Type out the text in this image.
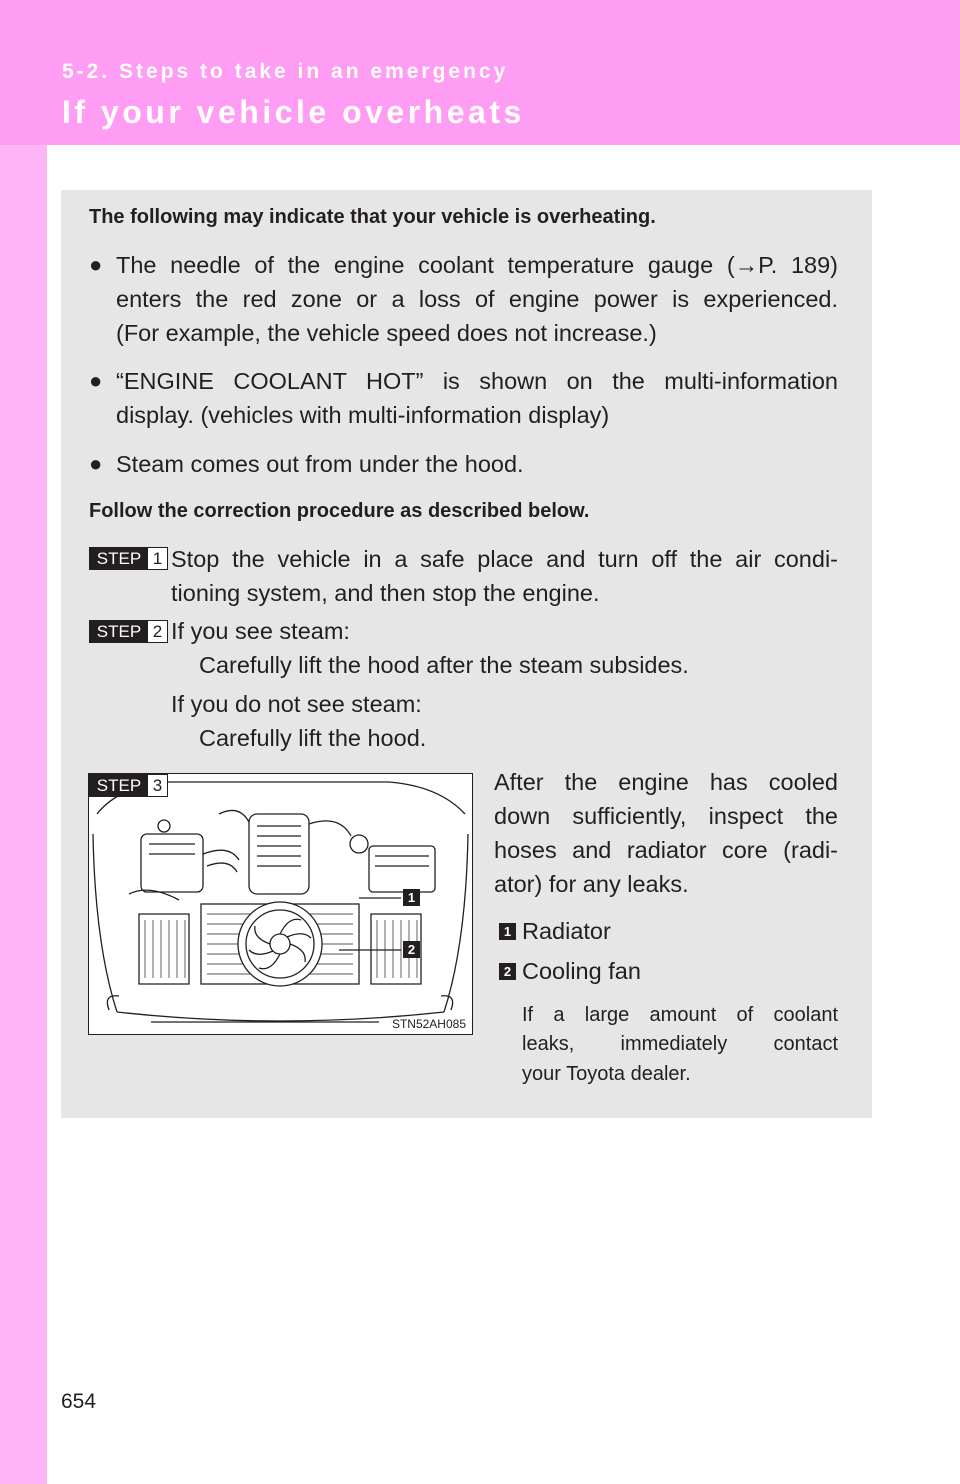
5-2. Steps to take in an emergency
If your vehicle overheats
The following may indicate that your vehicle is overheating.
● The needle of the engine coolant temperature gauge (→P. 189)
enters the red zone or a loss of engine power is experienced.
(For example, the vehicle speed does not increase.)
● “ENGINE COOLANT HOT” is shown on the multi-information
display. (vehicles with multi-information display)
● Steam comes out from under the hood.
Follow the correction procedure as described below.
STEP 1 Stop the vehicle in a safe place and turn off the air condi-
tioning system, and then stop the engine.
STEP 2 If you see steam:
Carefully lift the hood after the steam subsides.
If you do not see steam:
Carefully lift the hood.
STEP 3
1
2
STN52AH085
After the engine has cooled
down sufficiently, inspect the
hoses and radiator core (radi-
ator) for any leaks.
1 Radiator
2 Cooling fan
If a large amount of coolant
leaks, immediately contact
your Toyota dealer.
654
